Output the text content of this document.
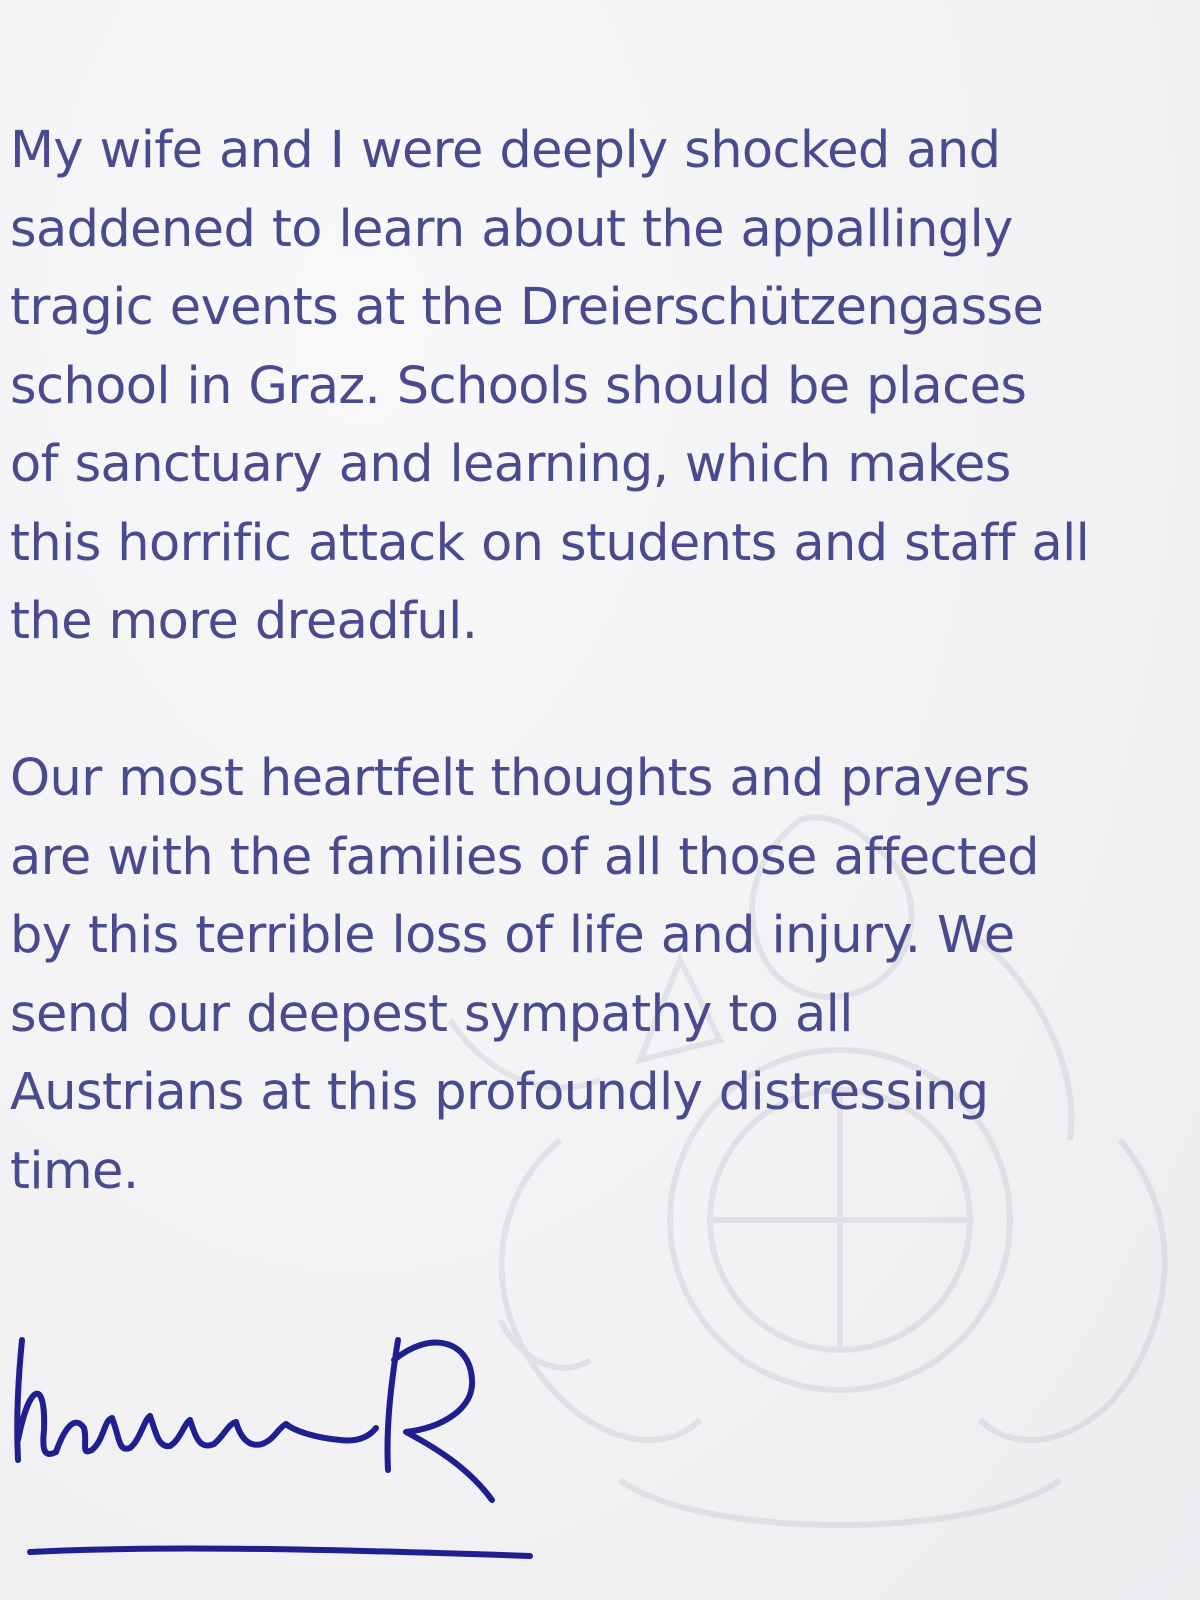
My wife and I were deeply shocked and
saddened to learn about the appallingly
tragic events at the Dreierschützengasse
school in Graz. Schools should be places
of sanctuary and learning, which makes
this horrific attack on students and staff all
the more dreadful.
Our most heartfelt thoughts and prayers
are with the families of all those affected
by this terrible loss of life and injury. We
send our deepest sympathy to all
Austrians at this profoundly distressing
time.
